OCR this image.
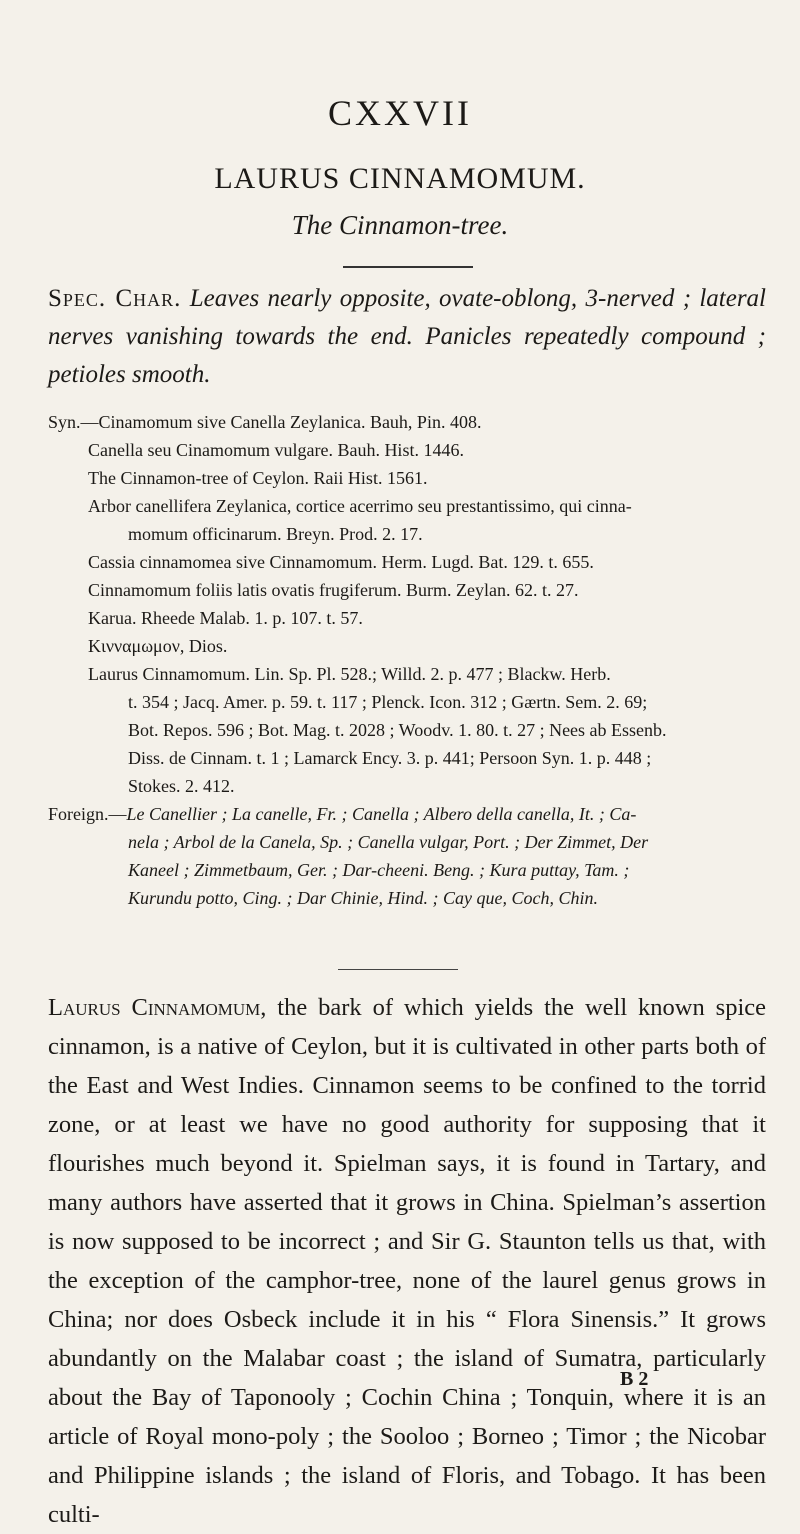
CXXVII
LAURUS CINNAMOMUM.
The Cinnamon-tree.
Spec. Char. Leaves nearly opposite, ovate-oblong, 3-nerved ; lateral nerves vanishing towards the end. Panicles repeatedly compound ; petioles smooth.
Syn.—Cinamomum sive Canella Zeylanica. Bauh, Pin. 408.
Canella seu Cinamomum vulgare. Bauh. Hist. 1446.
The Cinnamon-tree of Ceylon. Raii Hist. 1561.
Arbor canellifera Zeylanica, cortice acerrimo seu prestantissimo, qui cinna-
momum officinarum. Breyn. Prod. 2. 17.
Cassia cinnamomea sive Cinnamomum. Herm. Lugd. Bat. 129. t. 655.
Cinnamomum foliis latis ovatis frugiferum. Burm. Zeylan. 62. t. 27.
Karua. Rheede Malab. 1. p. 107. t. 57.
Κινναμωμον, Dios.
Laurus Cinnamomum. Lin. Sp. Pl. 528.; Willd. 2. p. 477 ; Blackw. Herb.
t. 354 ; Jacq. Amer. p. 59. t. 117 ; Plenck. Icon. 312 ; Gærtn. Sem. 2. 69;
Bot. Repos. 596 ; Bot. Mag. t. 2028 ; Woodv. 1. 80. t. 27 ; Nees ab Essenb.
Diss. de Cinnam. t. 1 ; Lamarck Ency. 3. p. 441; Persoon Syn. 1. p. 448 ;
Stokes. 2. 412.
Foreign.—Le Canellier ; La canelle, Fr. ; Canella ; Albero della canella, It. ; Ca-
nela ; Arbol de la Canela, Sp. ; Canella vulgar, Port. ; Der Zimmet, Der
Kaneel ; Zimmetbaum, Ger. ; Dar-cheeni. Beng. ; Kura puttay, Tam. ;
Kurundu potto, Cing. ; Dar Chinie, Hind. ; Cay que, Coch, Chin.
Laurus Cinnamomum, the bark of which yields the well known spice cinnamon, is a native of Ceylon, but it is cultivated in other parts both of the East and West Indies. Cinnamon seems to be confined to the torrid zone, or at least we have no good authority for supposing that it flourishes much beyond it. Spielman says, it is found in Tartary, and many authors have asserted that it grows in China. Spielman’s assertion is now supposed to be incorrect ; and Sir G. Staunton tells us that, with the exception of the camphor-tree, none of the laurel genus grows in China; nor does Osbeck include it in his “ Flora Sinensis.” It grows abundantly on the Malabar coast ; the island of Sumatra, particularly about the Bay of Taponooly ; Cochin China ; Tonquin, where it is an article of Royal mono-poly ; the Sooloo ; Borneo ; Timor ; the Nicobar and Philippine islands ; the island of Floris, and Tobago. It has been culti-
B 2
